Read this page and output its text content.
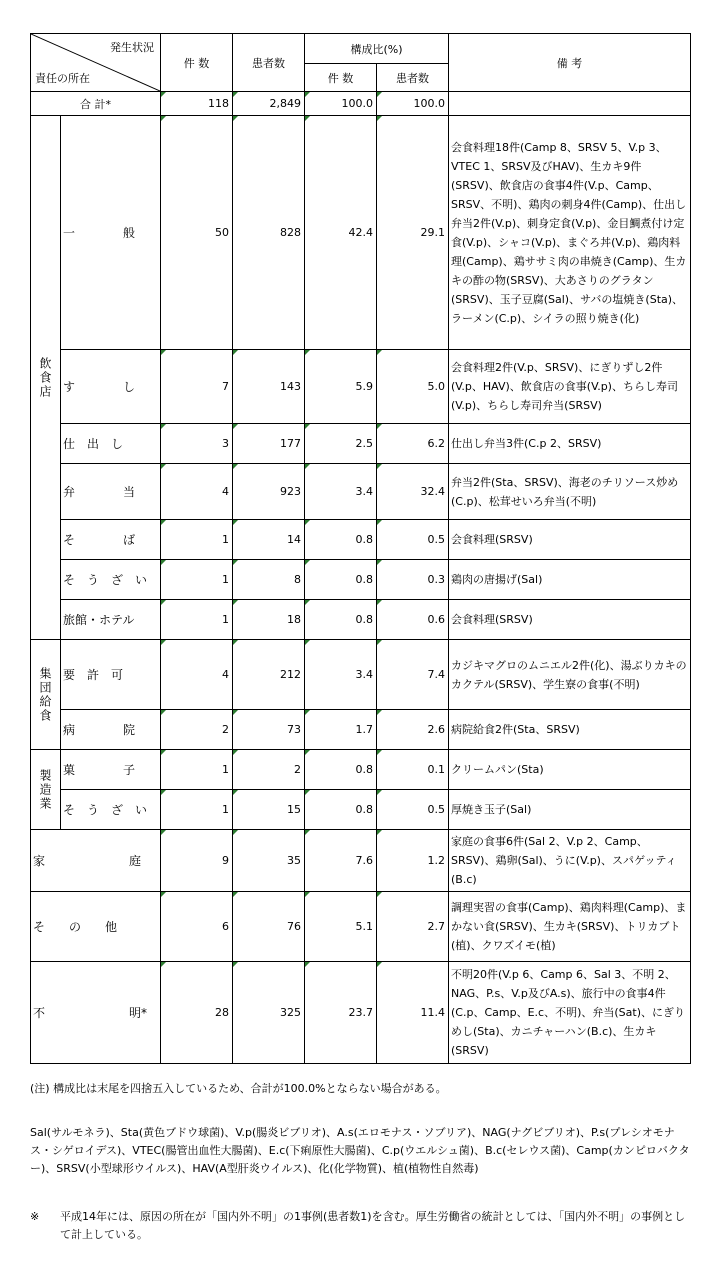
発生状況
責任の所在		件 数	患者数	構成比(%)		備 考
				件 数	患者数	
合 計*		118	2,849	100.0	100.0	
飲食店	一　　　　般	50	828	42.4	29.1	会食料理18件(Camp 8、SRSV 5、V.p 3、VTEC 1、SRSV及びHAV)、生カキ9件(SRSV)、飲食店の食事4件(V.p、Camp、SRSV、不明)、鶏肉の刺身4件(Camp)、仕出し弁当2件(V.p)、刺身定食(V.p)、金目鯛煮付け定食(V.p)、シャコ(V.p)、まぐろ丼(V.p)、鶏肉料理(Camp)、鶏ササミ肉の串焼き(Camp)、生カキの酢の物(SRSV)、大あさりのグラタン(SRSV)、玉子豆腐(Sal)、サバの塩焼き(Sta)、ラーメン(C.p)、シイラの照り焼き(化)
	す　　　　し	7	143	5.9	5.0	会食料理2件(V.p、SRSV)、にぎりずし2件(V.p、HAV)、飲食店の食事(V.p)、ちらし寿司(V.p)、ちらし寿司弁当(SRSV)
	仕　出　し	3	177	2.5	6.2	仕出し弁当3件(C.p 2、SRSV)
	弁　　　　当	4	923	3.4	32.4	弁当2件(Sta、SRSV)、海老のチリソース炒め(C.p)、松茸せいろ弁当(不明)
	そ　　　　ば	1	14	0.8	0.5	会食料理(SRSV)
	そ　う　ざ　い	1	8	0.8	0.3	鶏肉の唐揚げ(Sal)
	旅館・ホテル	1	18	0.8	0.6	会食料理(SRSV)
集団給食	要　許　可	4	212	3.4	7.4	カジキマグロのムニエル2件(化)、湯ぶりカキのカクテル(SRSV)、学生寮の食事(不明)
	病　　　　院	2	73	1.7	2.6	病院給食2件(Sta、SRSV)
製造業	菓　　　　子	1	2	0.8	0.1	クリームパン(Sta)
	そ　う　ざ　い	1	15	0.8	0.5	厚焼き玉子(Sal)
家　　　　　　　庭		9	35	7.6	1.2	家庭の食事6件(Sal 2、V.p 2、Camp、SRSV)、鶏卵(Sal)、うに(V.p)、スパゲッティ(B.c)
そ　　の　　他		6	76	5.1	2.7	調理実習の食事(Camp)、鶏肉料理(Camp)、まかない食(SRSV)、生カキ(SRSV)、トリカブト(植)、クワズイモ(植)
不　　　　　　　明*		28	325	23.7	11.4	不明20件(V.p 6、Camp 6、Sal 3、不明 2、NAG、P.s、V.p及びA.s)、旅行中の食事4件(C.p、Camp、E.c、不明)、弁当(Sat)、にぎりめし(Sta)、カニチャーハン(B.c)、生カキ(SRSV)
(注) 構成比は末尾を四捨五入しているため、合計が100.0%とならない場合がある。
Sal(サルモネラ)、Sta(黄色ブドウ球菌)、V.p(腸炎ビブリオ)、A.s(エロモナス・ソブリア)、NAG(ナグビブリオ)、P.s(プレシオモナス・シゲロイデス)、VTEC(腸管出血性大腸菌)、E.c(下痢原性大腸菌)、C.p(ウエルシュ菌)、B.c(セレウス菌)、Camp(カンピロバクター)、SRSV(小型球形ウイルス)、HAV(A型肝炎ウイルス)、化(化学物質)、植(植物性自然毒)
※ 平成14年には、原因の所在が「国内外不明」の1事例(患者数1)を含む。厚生労働省の統計としては、「国内外不明」の事例として計上している。
